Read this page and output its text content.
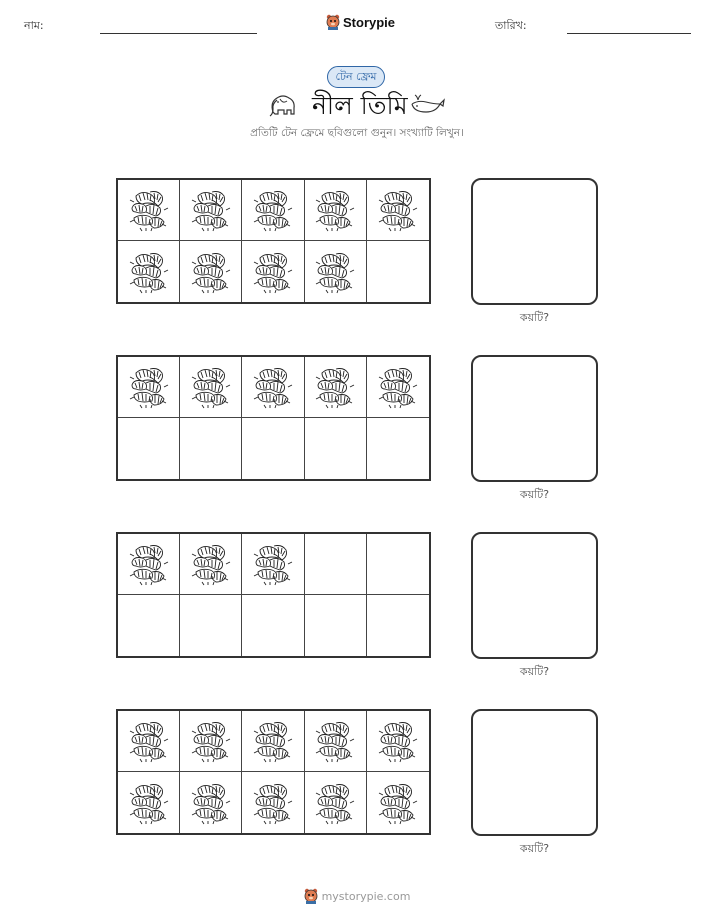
নাম:	Storypie	তারিখ:
টেন ফ্রেম
নীল তিমি
প্রতিটি টেন ফ্রেমে ছবিগুলো গুনুন। সংখ্যাটি লিখুন।
কয়টি?
কয়টি?
কয়টি?
কয়টি?
mystorypie.com
